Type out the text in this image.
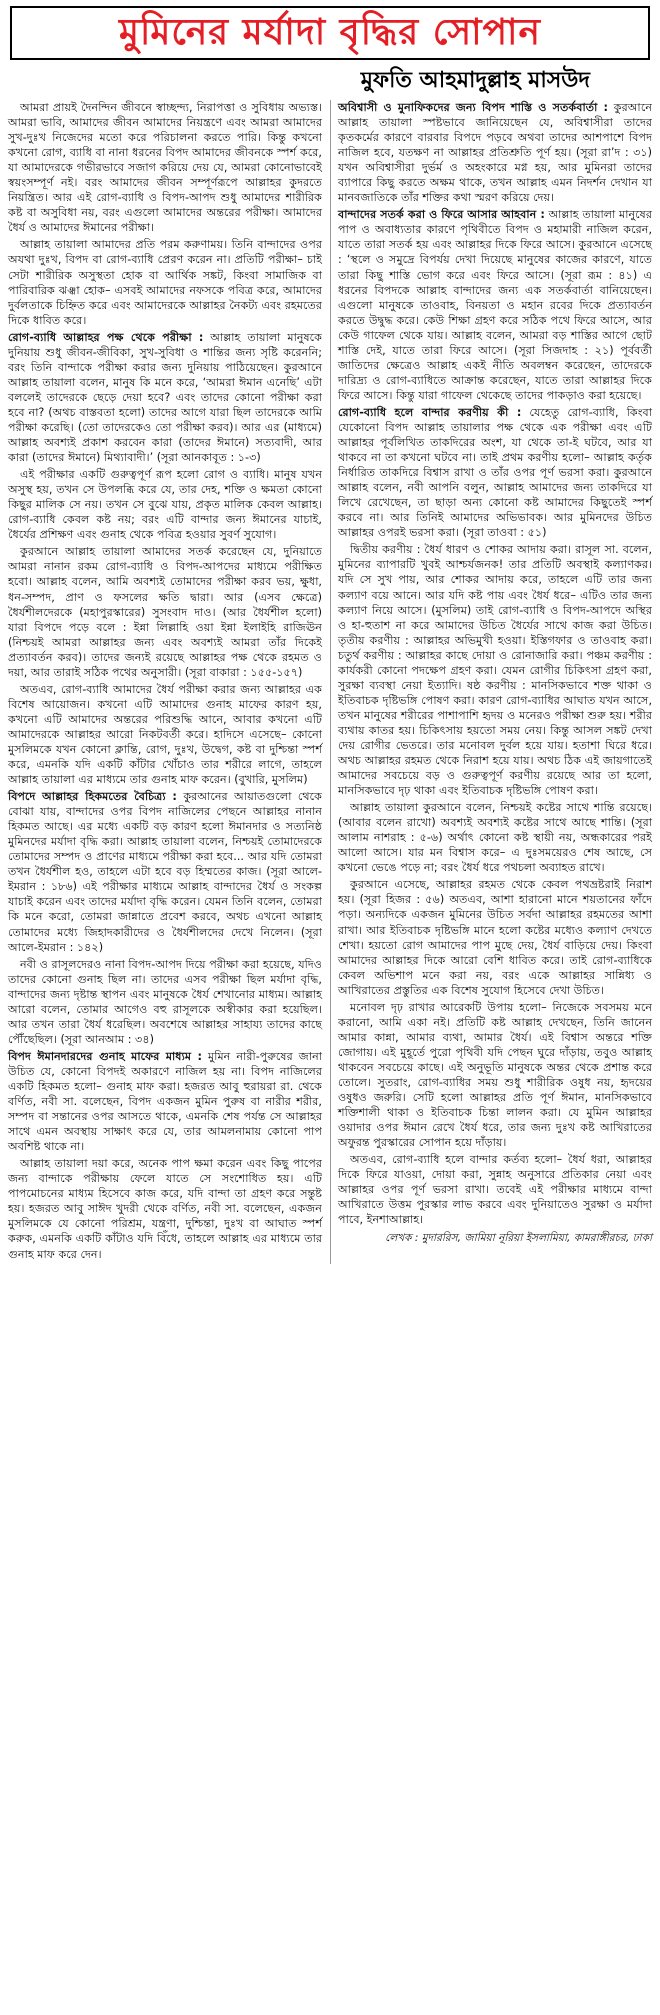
মুমিনের মর্যাদা বৃদ্ধির সোপান
মুফতি আহমাদুল্লাহ মাসউদ

আমরা প্রায়ই দৈনন্দিন জীবনে স্বাচ্ছন্দ্য, নিরাপত্তা ও সুবিধায় অভ্যস্ত। আমরা ভাবি, আমাদের জীবন আমাদের নিয়ন্ত্রণে এবং আমরা আমাদের সুখ-দুঃখ নিজেদের মতো করে পরিচালনা করতে পারি। কিন্তু কখনো কখনো রোগ, ব্যাধি বা নানা ধরনের বিপদ আমাদের জীবনকে স্পর্শ করে, যা আমাদেরকে গভীরভাবে সজাগ করিয়ে দেয় যে, আমরা কোনোভাবেই স্বয়ংসম্পূর্ণ নই। বরং আমাদের জীবন সম্পূর্ণরূপে আল্লাহর কুদরতে নিয়ন্ত্রিত। আর এই রোগ-ব্যাধি ও বিপদ-আপদ শুধু আমাদের শারীরিক কষ্ট বা অসুবিধা নয়, বরং এগুলো আমাদের অন্তরের পরীক্ষা। আমাদের ধৈর্য ও আমাদের ঈমানের পরীক্ষা।

আল্লাহ তায়ালা আমাদের প্রতি পরম করুণাময়। তিনি বান্দাদের ওপর অযথা দুঃখ, বিপদ বা রোগ-ব্যাধি প্রেরণ করেন না। প্রতিটি পরীক্ষা– চাই সেটা শারীরিক অসুস্থতা হোক বা আর্থিক সঙ্কট, কিংবা সামাজিক বা পারিবারিক ঝঞ্ঝা হোক– এসবই আমাদের নফসকে পবিত্র করে, আমাদের দুর্বলতাকে চিহ্নিত করে এবং আমাদেরকে আল্লাহর নৈকট্য এবং রহমতের দিকে ধাবিত করে।

রোগ-ব্যাধি আল্লাহর পক্ষ থেকে পরীক্ষা : আল্লাহ তায়ালা মানুষকে দুনিয়ায় শুধু জীবন-জীবিকা, সুখ-সুবিধা ও শান্তির জন্য সৃষ্টি করেননি; বরং তিনি বান্দাকে পরীক্ষা করার জন্য দুনিয়ায় পাঠিয়েছেন। কুরআনে আল্লাহ তায়ালা বলেন, মানুষ কি মনে করে, ‘আমরা ঈমান এনেছি’ এটা বললেই তাদেরকে ছেড়ে দেয়া হবে? এবং তাদের কোনো পরীক্ষা করা হবে না? (অথচ বাস্তবতা হলো) তাদের আগে যারা ছিল তাদেরকে আমি পরীক্ষা করেছি। (তো তাদেরকেও তো পরীক্ষা করব)। আর এর (মাধ্যমে) আল্লাহ অবশ্যই প্রকাশ করবেন কারা (তাদের ঈমানে) সত্যবাদী, আর কারা (তাদের ঈমানে) মিথ্যাবাদী।’ (সূরা আনকাবূত : ১-৩)

এই পরীক্ষার একটি গুরুত্বপূর্ণ রূপ হলো রোগ ও ব্যাধি। মানুষ যখন অসুস্থ হয়, তখন সে উপলব্ধি করে যে, তার দেহ, শক্তি ও ক্ষমতা কোনো কিছুর মালিক সে নয়। তখন সে বুঝে যায়, প্রকৃত মালিক কেবল আল্লাহ। রোগ-ব্যাধি কেবল কষ্ট নয়; বরং এটি বান্দার জন্য ঈমানের যাচাই, ধৈর্যের প্রশিক্ষণ এবং গুনাহ থেকে পবিত্র হওয়ার সুবর্ণ সুযোগ।

কুরআনে আল্লাহ তায়ালা আমাদের সতর্ক করেছেন যে, দুনিয়াতে আমরা নানান রকম রোগ-ব্যাধি ও বিপদ-আপদের মাধ্যমে পরীক্ষিত হবো। আল্লাহ বলেন, আমি অবশ্যই তোমাদের পরীক্ষা করব ভয়, ক্ষুধা, ধন-সম্পদ, প্রাণ ও ফসলের ক্ষতি দ্বারা। আর (এসব ক্ষেত্রে) ধৈর্যশীলদেরকে (মহাপুরস্কারের) সুসংবাদ দাও। (আর ধৈর্যশীল হলো) যারা বিপদে পড়ে বলে : ইন্না লিল্লাহি ওয়া ইন্না ইলাইহি রাজিঊন (নিশ্চয়ই আমরা আল্লাহর জন্য এবং অবশ্যই আমরা তাঁর দিকেই প্রত্যাবর্তন করব)। তাদের জন্যই রয়েছে আল্লাহর পক্ষ থেকে রহমত ও দয়া, আর তারাই সঠিক পথের অনুসারী। (সূরা বাকারা : ১৫৫-১৫৭)

অতএব, রোগ-ব্যাধি আমাদের ধৈর্য পরীক্ষা করার জন্য আল্লাহর এক বিশেষ আয়োজন। কখনো এটি আমাদের গুনাহ মাফের কারণ হয়, কখনো এটি আমাদের অন্তরের পরিশুদ্ধি আনে, আবার কখনো এটি আমাদেরকে আল্লাহর আরো নিকটবর্তী করে। হাদিসে এসেছে– কোনো মুসলিমকে যখন কোনো ক্লান্তি, রোগ, দুঃখ, উদ্বেগ, কষ্ট বা দুশ্চিন্তা স্পর্শ করে, এমনকি যদি একটি কাঁটার খোঁচাও তার শরীরে লাগে, তাহলে আল্লাহ তায়ালা এর মাধ্যমে তার গুনাহ মাফ করেন। (বুখারি, মুসলিম)

বিপদে আল্লাহর হিকমতের বৈচিত্র্য : কুরআনের আয়াতগুলো থেকে বোঝা যায়, বান্দাদের ওপর বিপদ নাজিলের পেছনে আল্লাহর নানান হিকমত আছে। এর মধ্যে একটি বড় কারণ হলো ঈমানদার ও সত্যনিষ্ঠ মুমিনদের মর্যাদা বৃদ্ধি করা। আল্লাহ তায়ালা বলেন, নিশ্চয়ই তোমাদেরকে তোমাদের সম্পদ ও প্রাণের মাধ্যমে পরীক্ষা করা হবে... আর যদি তোমরা তখন ধৈর্যশীল হও, তাহলে এটা হবে বড় হিম্মতের কাজ। (সূরা আলে-ইমরান : ১৮৬) এই পরীক্ষার মাধ্যমে আল্লাহ বান্দাদের ধৈর্য ও সংকল্প যাচাই করেন এবং তাদের মর্যাদা বৃদ্ধি করেন। যেমন তিনি বলেন, তোমরা কি মনে করো, তোমরা জান্নাতে প্রবেশ করবে, অথচ এখনো আল্লাহ তোমাদের মধ্যে জিহাদকারীদের ও ধৈর্যশীলদের দেখে নিলেন। (সূরা আলে-ইমরান : ১৪২)

নবী ও রাসূলদেরও নানা বিপদ-আপদ দিয়ে পরীক্ষা করা হয়েছে, যদিও তাদের কোনো গুনাহ ছিল না। তাদের এসব পরীক্ষা ছিল মর্যাদা বৃদ্ধি, বান্দাদের জন্য দৃষ্টান্ত স্থাপন এবং মানুষকে ধৈর্য শেখানোর মাধ্যম। আল্লাহ আরো বলেন, তোমার আগেও বহু রাসূলকে অস্বীকার করা হয়েছিল। আর তখন তারা ধৈর্য ধরেছিল। অবশেষে আল্লাহর সাহায্য তাদের কাছে পৌঁছেছিল। (সূরা আনআম : ৩৪)

বিপদ ঈমানদারদের গুনাহ মাফের মাধ্যম : মুমিন নারী-পুরুষের জানা উচিত যে, কোনো বিপদই অকারণে নাজিল হয় না। বিপদ নাজিলের একটি হিকমত হলো– গুনাহ মাফ করা। হজরত আবু হুরায়রা রা. থেকে বর্ণিত, নবী সা. বলেছেন, বিপদ একজন মুমিন পুরুষ বা নারীর শরীর, সম্পদ বা সন্তানের ওপর আসতে থাকে, এমনকি শেষ পর্যন্ত সে আল্লাহর সাথে এমন অবস্থায় সাক্ষাৎ করে যে, তার আমলনামায় কোনো পাপ অবশিষ্ট থাকে না।

আল্লাহ তায়ালা দয়া করে, অনেক পাপ ক্ষমা করেন এবং কিছু পাপের জন্য বান্দাকে পরীক্ষায় ফেলে যাতে সে সংশোধিত হয়। এটি পাপমোচনের মাধ্যম হিসেবে কাজ করে, যদি বান্দা তা গ্রহণ করে সন্তুষ্ট হয়। হজরত আবু সাঈদ খুদরী থেকে বর্ণিত, নবী সা. বলেছেন, একজন মুসলিমকে যে কোনো পরিশ্রম, যন্ত্রণা, দুশ্চিন্তা, দুঃখ বা আঘাত স্পর্শ করুক, এমনকি একটি কাঁটাও যদি বিঁধে, তাহলে আল্লাহ এর মাধ্যমে তার গুনাহ মাফ করে দেন।

অবিশ্বাসী ও মুনাফিকদের জন্য বিপদ শাস্তি ও সতর্কবার্তা : কুরআনে আল্লাহ তায়ালা স্পষ্টভাবে জানিয়েছেন যে, অবিশ্বাসীরা তাদের কৃতকর্মের কারণে বারবার বিপদে পড়বে অথবা তাদের আশপাশে বিপদ নাজিল হবে, যতক্ষণ না আল্লাহর প্রতিশ্রুতি পূর্ণ হয়। (সূরা রা’দ : ৩১) যখন অবিশ্বাসীরা দুর্ভর্ম ও অহংকারে মগ্ন হয়, আর মুমিনরা তাদের ব্যাপারে কিছু করতে অক্ষম থাকে, তখন আল্লাহ এমন নিদর্শন দেখান যা মানবজাতিকে তাঁর শক্তির কথা স্মরণ করিয়ে দেয়।

বান্দাদের সতর্ক করা ও ফিরে আসার আহবান : আল্লাহ তায়ালা মানুষের পাপ ও অবাধ্যতার কারণে পৃথিবীতে বিপদ ও মহামারী নাজিল করেন, যাতে তারা সতর্ক হয় এবং আল্লাহর দিকে ফিরে আসে। কুরআনে এসেছে : ‘স্থলে ও সমুদ্রে বিপর্যয় দেখা দিয়েছে মানুষের কাজের কারণে, যাতে তারা কিছু শাস্তি ভোগ করে এবং ফিরে আসে। (সূরা রূম : ৪১) এ ধরনের বিপদকে আল্লাহ বান্দাদের জন্য এক সতর্কবার্তা বানিয়েছেন। এগুলো মানুষকে তাওবাহ, বিনয়তা ও মহান রবের দিকে প্রত্যাবর্তন করতে উদ্বুদ্ধ করে। কেউ শিক্ষা গ্রহণ করে সঠিক পথে ফিরে আসে, আর কেউ গাফেল থেকে যায়। আল্লাহ বলেন, আমরা বড় শাস্তির আগে ছোট শাস্তি দেই, যাতে তারা ফিরে আসে। (সূরা সিজদাহ : ২১) পূর্ববর্তী জাতিদের ক্ষেত্রেও আল্লাহ একই নীতি অবলম্বন করেছেন, তাদেরকে দারিদ্র্য ও রোগ-ব্যাধিতে আক্রান্ত করেছেন, যাতে তারা আল্লাহর দিকে ফিরে আসে। কিন্তু যারা গাফেল থেকেছে তাদের পাকড়াও করা হয়েছে।

রোগ-ব্যাধি হলে বান্দার করণীয় কী : যেহেতু রোগ-ব্যাধি, কিংবা যেকোনো বিপদ আল্লাহ তায়ালার পক্ষ থেকে এক পরীক্ষা এবং এটি আল্লাহর পূর্বলিখিত তাকদিরের অংশ, যা থেকে তা-ই ঘটবে, আর যা থাকবে না তা কখনো ঘটবে না। তাই প্রথম করণীয় হলো– আল্লাহ কর্তৃক নির্ধারিত তাকদিরে বিশ্বাস রাখা ও তাঁর ওপর পূর্ণ ভরসা করা। কুরআনে আল্লাহ বলেন, নবী আপনি বলুন, আল্লাহ আমাদের জন্য তাকদিরে যা লিখে রেখেছেন, তা ছাড়া অন্য কোনো কষ্ট আমাদের কিছুতেই স্পর্শ করবে না। আর তিনিই আমাদের অভিভাবক। আর মুমিনদের উচিত আল্লাহর ওপরই ভরসা করা। (সূরা তাওবা : ৫১)

দ্বিতীয় করণীয় : ধৈর্য ধারণ ও শোকর আদায় করা। রাসূল সা. বলেন, মুমিনের ব্যাপারটি খুবই আশ্চর্যজনক! তার প্রতিটি অবস্থাই কল্যাণকর। যদি সে সুখ পায়, আর শোকর আদায় করে, তাহলে এটি তার জন্য কল্যাণ বয়ে আনে। আর যদি কষ্ট পায় এবং ধৈর্য ধরে– এটিও তার জন্য কল্যাণ নিয়ে আসে। (মুসলিম) তাই রোগ-ব্যাধি ও বিপদ-আপদে অস্থির ও হা-হুতাশ না করে আমাদের উচিত ধৈর্যের সাথে কাজ করা উচিত। তৃতীয় করণীয় : আল্লাহর অভিমুখী হওয়া। ইস্তিগফার ও তাওবাহ করা। চতুর্থ করণীয় : আল্লাহর কাছে দোয়া ও রোনাজারি করা। পঞ্চম করণীয় : কার্যকরী কোনো পদক্ষেপ গ্রহণ করা। যেমন রোগীর চিকিৎসা গ্রহণ করা, সুরক্ষা ব্যবস্থা নেয়া ইত্যাদি। ষষ্ঠ করণীয় : মানসিকভাবে শক্ত থাকা ও ইতিবাচক দৃষ্টিভঙ্গি পোষণ করা। কারণ রোগ-ব্যাধির আঘাত যখন আসে, তখন মানুষের শরীরের পাশাপাশি হৃদয় ও মনেরও পরীক্ষা শুরু হয়। শরীর ব্যথায় কাতর হয়। চিকিৎসায় হয়তো সময় নেয়। কিন্তু আসল সঙ্কট দেখা দেয় রোগীর ভেতরে। তার মনোবল দুর্বল হয়ে যায়। হতাশা ঘিরে ধরে। অথচ আল্লাহর রহমত থেকে নিরাশ হয়ে যায়। অথচ ঠিক এই জায়গাতেই আমাদের সবচেয়ে বড় ও গুরুত্বপূর্ণ করণীয় রয়েছে আর তা হলো, মানসিকভাবে দৃঢ় থাকা এবং ইতিবাচক দৃষ্টিভঙ্গি পোষণ করা।

আল্লাহ তায়ালা কুরআনে বলেন, নিশ্চয়ই কষ্টের সাথে শান্তি রয়েছে। (আবার বলেন রাখো) অবশ্যই অবশ্যই কষ্টের সাথে আছে শান্তি। (সূরা আলাম নাশরাহ : ৫-৬) অর্থাৎ কোনো কষ্ট স্থায়ী নয়, অন্ধকারের পরই আলো আসে। যার মন বিশ্বাস করে– এ দুঃসময়েরও শেষ আছে, সে কখনো ভেঙে পড়ে না; বরং ধৈর্য ধরে পথচলা অব্যাহত রাখে।

কুরআনে এসেছে, আল্লাহর রহমত থেকে কেবল পথভ্রষ্টরাই নিরাশ হয়। (সূরা হিজর : ৫৬) অতএব, আশা হারানো মানে শয়তানের ফাঁদে পড়া। অন্যদিকে একজন মুমিনের উচিত সর্বদা আল্লাহর রহমতের আশা রাখা। আর ইতিবাচক দৃষ্টিভঙ্গি মানে হলো কষ্টের মধ্যেও কল্যাণ দেখতে শেখা। হয়তো রোগ আমাদের পাপ মুছে দেয়, ধৈর্য বাড়িয়ে দেয়। কিংবা আমাদের আল্লাহর দিকে আরো বেশি ধাবিত করে। তাই রোগ-ব্যাধিকে কেবল অভিশাপ মনে করা নয়, বরং একে আল্লাহর সান্নিধ্য ও আখিরাতের প্রস্তুতির এক বিশেষ সুযোগ হিসেবে দেখা উচিত।

মনোবল দৃঢ় রাখার আরেকটি উপায় হলো– নিজেকে সবসময় মনে করানো, আমি একা নই। প্রতিটি কষ্ট আল্লাহ দেখছেন, তিনি জানেন আমার কান্না, আমার ব্যথা, আমার ধৈর্য। এই বিশ্বাস অন্তরে শক্তি জোগায়। এই মুহূর্তে পুরো পৃথিবী যদি পেছন ঘুরে দাঁড়ায়, তবুও আল্লাহ থাকবেন সবচেয়ে কাছে। এই অনুভূতি মানুষকে অন্তর থেকে প্রশান্ত করে তোলে। সুতরাং, রোগ-ব্যাধির সময় শুধু শারীরিক ওষুধ নয়, হৃদয়ের ওষুধও জরুরি। সেটি হলো আল্লাহর প্রতি পূর্ণ ঈমান, মানসিকভাবে শক্তিশালী থাকা ও ইতিবাচক চিন্তা লালন করা। যে মুমিন আল্লাহর ওয়াদার ওপর ঈমান রেখে ধৈর্য ধরে, তার জন্য দুঃখ কষ্ট আখিরাতের অফুরন্ত পুরস্কারের সোপান হয়ে দাঁড়ায়।

অতএব, রোগ-ব্যাধি হলে বান্দার কর্তব্য হলো– ধৈর্য ধরা, আল্লাহর দিকে ফিরে যাওয়া, দোয়া করা, সুন্নাহ অনুসারে প্রতিকার নেয়া এবং আল্লাহর ওপর পূর্ণ ভরসা রাখা। তবেই এই পরীক্ষার মাধ্যমে বান্দা আখিরাতে উত্তম পুরস্কার লাভ করবে এবং দুনিয়াতেও সুরক্ষা ও মর্যাদা পাবে, ইনশাআল্লাহ।

লেখক : মুদাররিস, জামিয়া নূরিয়া ইসলামিয়া, কামরাঙ্গীরচর, ঢাকা
